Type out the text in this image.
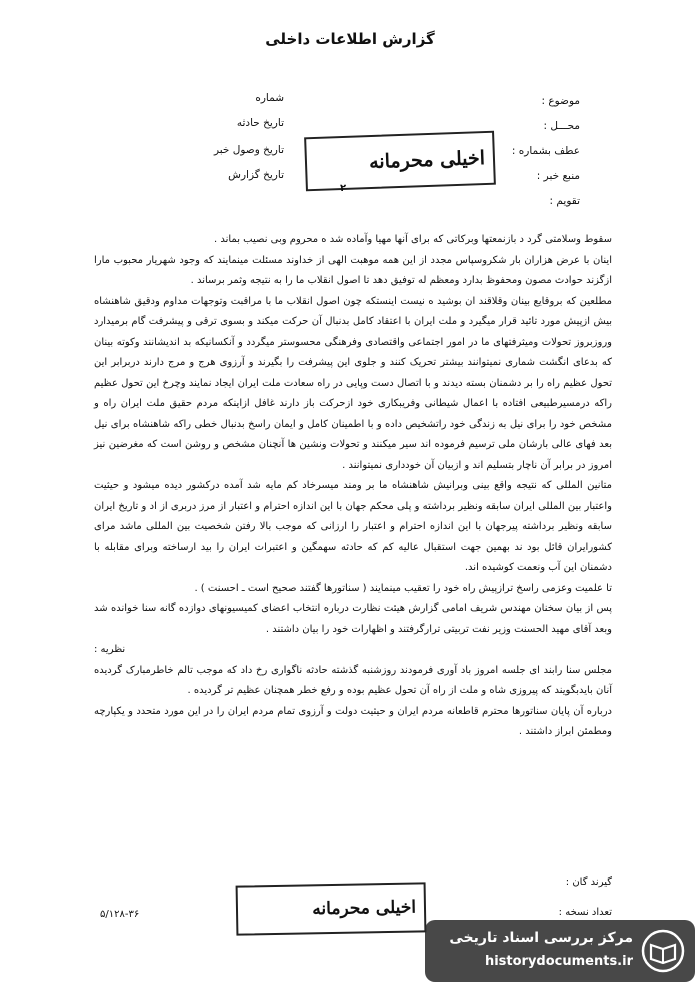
گزارش اطلاعات داخلی
موضوع :
محـــل :
عطف بشماره :
منبع خبر :
تقویم :
شماره
تاریخ حادثه
تاریخ وصول خبر
تاریخ گزارش
اخیلی محرمانه
۲

سقوط وسلامتی گرد د بازنمعتها وبرکاتی که برای آنها مهیا وآماده شد ه محروم وبی نصیب بماند .

اینان با عرض هزاران بار شکروسپاس مجدد از این همه موهبت الهی از خداوند مسئلت مینمایند که وجود شهریار محبوب مارا ازگزند حوادث مصون ومحفوظ بدارد ومعظم له توفیق دهد تا اصول انقلاب ما را به نتیجه وثمر برساند .

مطلعین که بروقایع بینان وقلاقند ان بوشید ه نیست اینستکه چون اصول انقلاب ما با مراقبت وتوجهات مداوم ودقیق شاهنشاه بیش ازپیش مورد تائید قرار میگیرد و ملت ایران با اعتقاد کامل بدنبال آن حرکت میکند و بسوی ترقی و پیشرفت گام برمیدارد وروزبروز تحولات ومیثرفتهای ما در امور اجتماعی واقتصادی وفرهنگی محسوستر میگردد و آنکسانیکه بد اندیشانند وکوته بینان که بدعای انگشت شماری نمیتوانند بیشتر تحریک کنند و جلوی این پیشرفت را بگیرند و آرزوی هرج و مرج دارند دربرابر این تحول عظیم راه را بر دشمنان بسته دیدند و با اتصال دست وپایی در راه سعادت ملت ایران ایجاد نمایند وچرخ این تحول عظیم راکه درمسیرطبیعی افتاده با اعمال شیطانی وفریبکاری خود ازحرکت باز دارند غافل ازاینکه مردم حقیق ملت ایران راه و مشخص خود را برای نیل به زندگی خود راتشخیص داده و با اطمینان کامل و ایمان راسخ بدنبال خطی راکه شاهنشاه برای نیل بعد فهای عالی بارشان ملی ترسیم فرموده اند سیر میکنند و تحولات ونشین ها آنچنان مشخص و روشن است که مغرضین نیز امروز در برابر آن ناچار بتسلیم اند و ازبیان آن خودداری نمیتوانند .

متانین المللی که نتیجه واقع بینی وبرانیش شاهنشاه ما بر ومند میسرخاد کم مایه شد آمده درکشور دیده میشود و حیثیت واعتبار بین المللی ایران سابقه ونظیر برداشته و پلی محکم جهان با این اندازه احترام و اعتبار از مرز دربری از اد و تاریخ ایران سابقه ونظیر برداشته پیرجهان با این اندازه احترام و اعتبار را ارزانی که موجب بالا رفتن شخصیت بین المللی ماشد مرای کشورایران قائل بود ند بهمین جهت استقبال عالیه کم که حادثه سهمگین و اعتبرات ایران را بید ارساخته وبرای مقابله با دشمنان این آب ونعمت کوشیده اند.

تا علمیت وعزمی راسخ ترازپیش راه خود را تعقیب مینمایند ( سناتورها گفتند صحیح است ـ احسنت ) .

پس از بیان سخنان مهندس شریف امامی گزارش هیئت نظارت درباره انتخاب اعضای کمیسیونهای دوازده گانه سنا خوانده شد وبعد آقای مهید الحسنت وزیر نفت تربیتی ترارگرفتند و اظهارات خود را بیان داشتند .

نظریه :

مجلس سنا رابند ای جلسه امروز باد آوری فرمودند روزشنبه گذشته حادثه ناگواری رخ داد که موجب تالم خاطرمبارک گردیده آنان بایدبگویند که پیروزی شاه و ملت از راه آن تحول عظیم بوده و رفع خطر همچنان عظیم تر گردیده .

درباره آن پایان سناتورها محترم قاطعانه مردم ایران و حیثیت دولت و آرزوی تمام مردم ایران را در این مورد متحدد و یکپارچه ومطمئن ابراز داشتند .

گیرند گان :
تعداد نسخه :
اخیلی محرمانه
۵/۱۲۸-۳۶
مرکز بررسی اسناد تاریخی
historydocuments.ir
